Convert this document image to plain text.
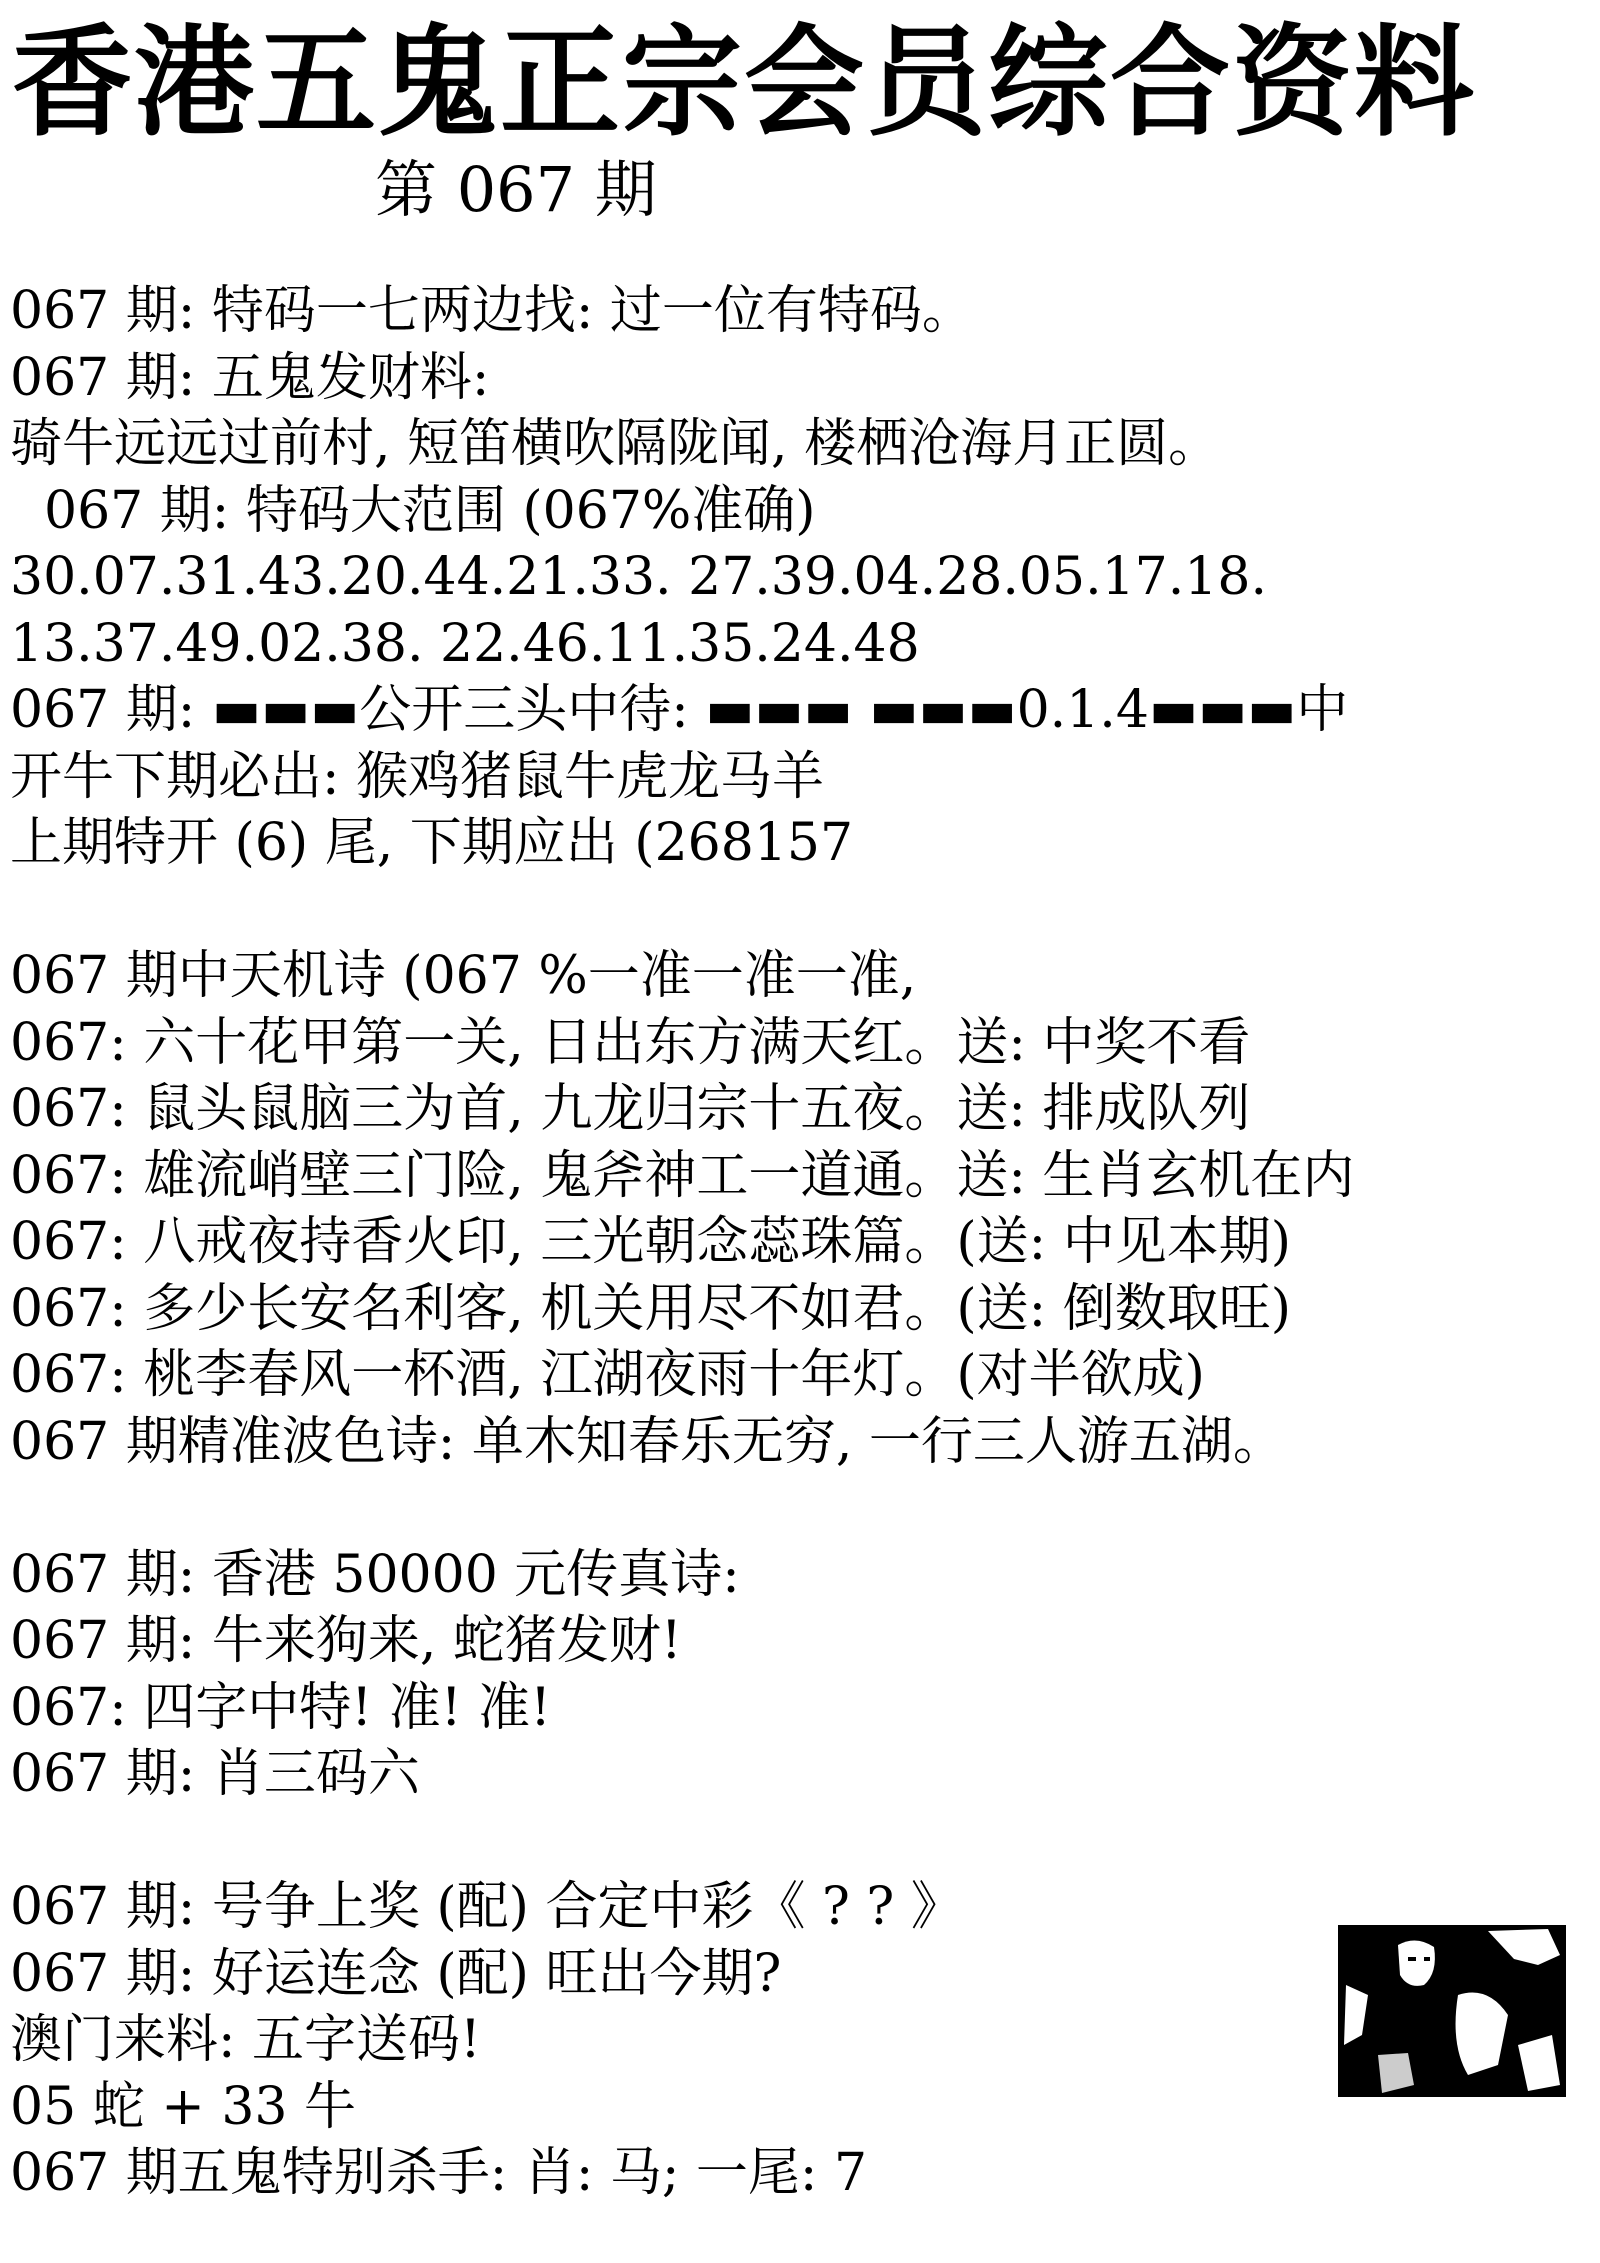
香港五鬼正宗会员综合资料
第 067 期
067 期: 特码一七两边找: 过一位有特码。
067 期: 五鬼发财料:
骑牛远远过前村, 短笛横吹隔陇闻, 楼栖沧海月正圆。
067 期: 特码大范围 (067%准确)
30.07.31.43.20.44.21.33. 27.39.04.28.05.17.18.
13.37.49.02.38. 22.46.11.35.24.48
067 期: ▬▬▬公开三头中待: ▬▬▬ ▬▬▬0.1.4▬▬▬中
开牛下期必出: 猴鸡猪鼠牛虎龙马羊
上期特开 (6) 尾, 下期应出 (268157
067 期中天机诗 (067 %一准一准一准,
067: 六十花甲第一关, 日出东方满天红。送: 中奖不看
067: 鼠头鼠脑三为首, 九龙归宗十五夜。送: 排成队列
067: 雄流峭壁三门险, 鬼斧神工一道通。送: 生肖玄机在内
067: 八戒夜持香火印, 三光朝念蕊珠篇。(送: 中见本期)
067: 多少长安名利客, 机关用尽不如君。(送: 倒数取旺)
067: 桃李春风一杯酒, 江湖夜雨十年灯。(对半欲成)
067 期精准波色诗: 单木知春乐无穷, 一行三人游五湖。
067 期: 香港 50000 元传真诗:
067 期: 牛来狗来, 蛇猪发财!
067: 四字中特! 准! 准!
067 期: 肖三码六
067 期: 号争上奖 (配) 合定中彩《 ? ? 》
067 期: 好运连念 (配) 旺出今期?
澳门来料: 五字送码!
05 蛇 + 33 牛
067 期五鬼特别杀手: 肖: 马; 一尾: 7
